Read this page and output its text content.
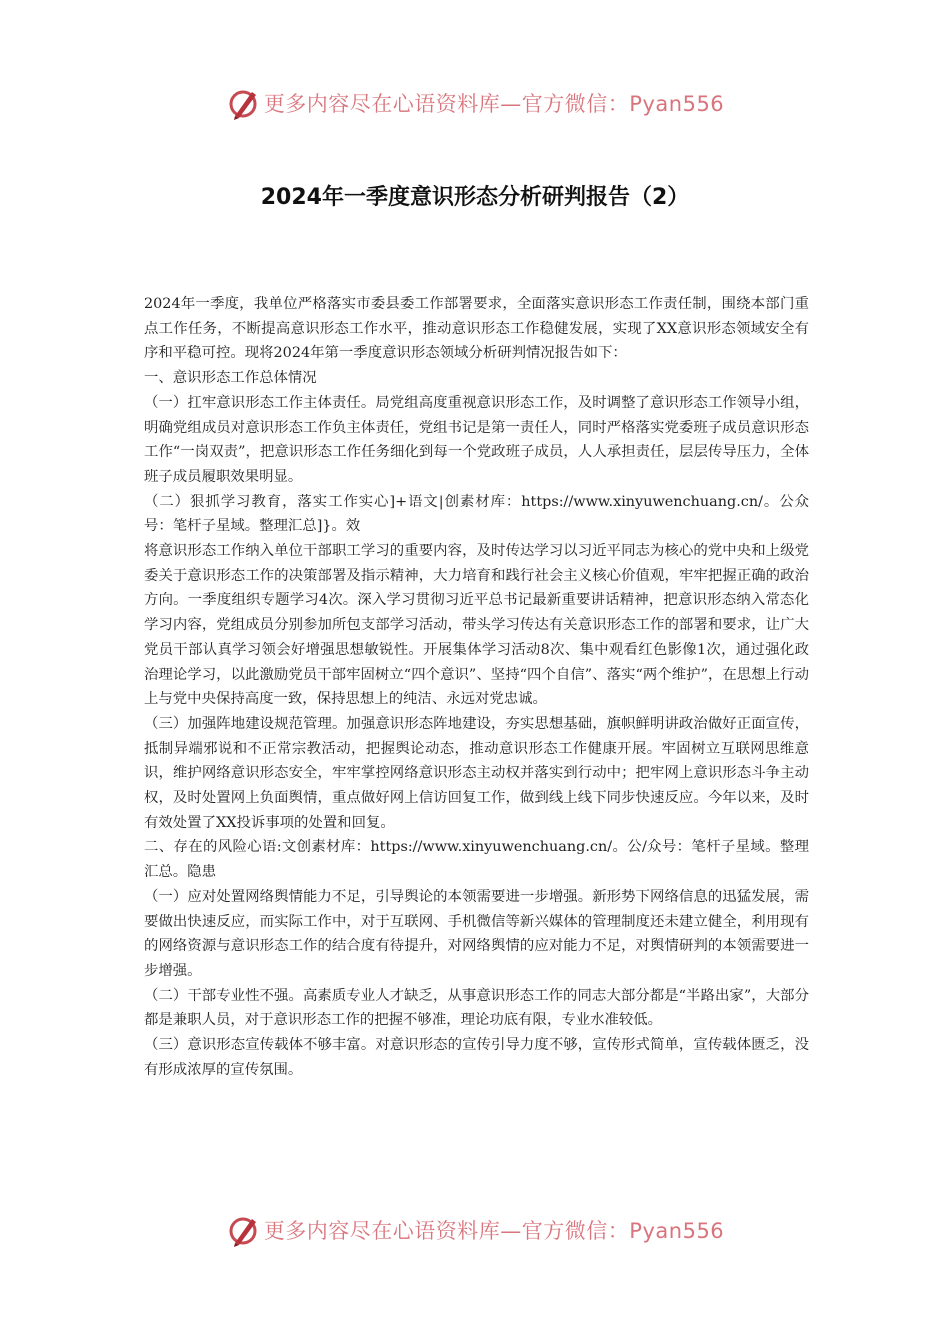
更多内容尽在心语资料库—官方微信：Pyan556
2024年一季度意识形态分析研判报告（2）

2024年一季度，我单位严格落实市委县委工作部署要求，全面落实意识形态工作责任制，围绕本部门重点工作任务，不断提高意识形态工作水平，推动意识形态工作稳健发展，实现了XX意识形态领域安全有序和平稳可控。现将2024年第一季度意识形态领域分析研判情况报告如下：

一、意识形态工作总体情况

（一）扛牢意识形态工作主体责任。局党组高度重视意识形态工作，及时调整了意识形态工作领导小组，明确党组成员对意识形态工作负主体责任，党组书记是第一责任人，同时严格落实党委班子成员意识形态工作“一岗双责”，把意识形态工作任务细化到每一个党政班子成员，人人承担责任，层层传导压力，全体班子成员履职效果明显。

（二）狠抓学习教育，落实工作实心]+语文|创素材库：https://www.xinyuwenchuang.cn/。公众号：笔杆子星域。整理汇总]}。效

将意识形态工作纳入单位干部职工学习的重要内容，及时传达学习以习近平同志为核心的党中央和上级党委关于意识形态工作的决策部署及指示精神，大力培育和践行社会主义核心价值观，牢牢把握正确的政治方向。一季度组织专题学习4次。深入学习贯彻习近平总书记最新重要讲话精神，把意识形态纳入常态化学习内容，党组成员分别参加所包支部学习活动，带头学习传达有关意识形态工作的部署和要求，让广大党员干部认真学习领会好增强思想敏锐性。开展集体学习活动8次、集中观看红色影像1次，通过强化政治理论学习，以此激励党员干部牢固树立“四个意识”、坚持“四个自信”、落实“两个维护”，在思想上行动上与党中央保持高度一致，保持思想上的纯洁、永远对党忠诚。

（三）加强阵地建设规范管理。加强意识形态阵地建设，夯实思想基础，旗帜鲜明讲政治做好正面宣传，抵制异端邪说和不正常宗教活动，把握舆论动态，推动意识形态工作健康开展。牢固树立互联网思维意识，维护网络意识形态安全，牢牢掌控网络意识形态主动权并落实到行动中；把牢网上意识形态斗争主动权，及时处置网上负面舆情，重点做好网上信访回复工作，做到线上线下同步快速反应。今年以来，及时有效处置了XX投诉事项的处置和回复。

二、存在的风险心语:文创素材库：https://www.xinyuwenchuang.cn/。公/众号：笔杆子星域。整理汇总。隐患

（一）应对处置网络舆情能力不足，引导舆论的本领需要进一步增强。新形势下网络信息的迅猛发展，需要做出快速反应，而实际工作中，对于互联网、手机微信等新兴媒体的管理制度还未建立健全，利用现有的网络资源与意识形态工作的结合度有待提升，对网络舆情的应对能力不足，对舆情研判的本领需要进一步增强。

（二）干部专业性不强。高素质专业人才缺乏，从事意识形态工作的同志大部分都是“半路出家”，大部分都是兼职人员，对于意识形态工作的把握不够准，理论功底有限，专业水准较低。

（三）意识形态宣传载体不够丰富。对意识形态的宣传引导力度不够，宣传形式简单，宣传载体匮乏，没有形成浓厚的宣传氛围。

更多内容尽在心语资料库—官方微信：Pyan556
